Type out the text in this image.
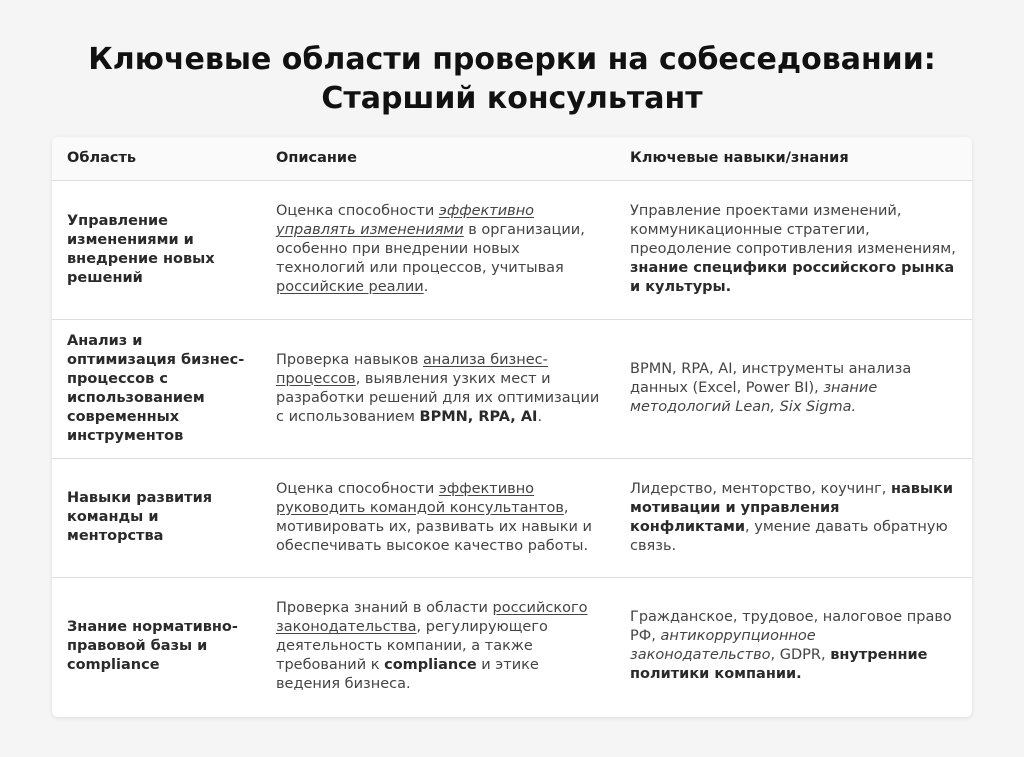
Ключевые области проверки на собеседовании:
Старший консультант
Область	Описание	Ключевые навыки/знания
Управление изменениями и внедрение новых решений	Оценка способности эффективно управлять изменениями в организации, особенно при внедрении новых технологий или процессов, учитывая российские реалии.	Управление проектами изменений, коммуникационные стратегии, преодоление сопротивления изменениям, знание специфики российского рынка и культуры.
Анализ и оптимизация бизнес-процессов с использованием современных инструментов	Проверка навыков анализа бизнес-процессов, выявления узких мест и разработки решений для их оптимизации с использованием BPMN, RPA, AI.	BPMN, RPA, AI, инструменты анализа данных (Excel, Power BI), знание методологий Lean, Six Sigma.
Навыки развития команды и менторства	Оценка способности эффективно руководить командой консультантов, мотивировать их, развивать их навыки и обеспечивать высокое качество работы.	Лидерство, менторство, коучинг, навыки мотивации и управления конфликтами, умение давать обратную связь.
Знание нормативно-правовой базы и compliance	Проверка знаний в области российского законодательства, регулирующего деятельность компании, а также требований к compliance и этике ведения бизнеса.	Гражданское, трудовое, налоговое право РФ, антикоррупционное законодательство, GDPR, внутренние политики компании.
